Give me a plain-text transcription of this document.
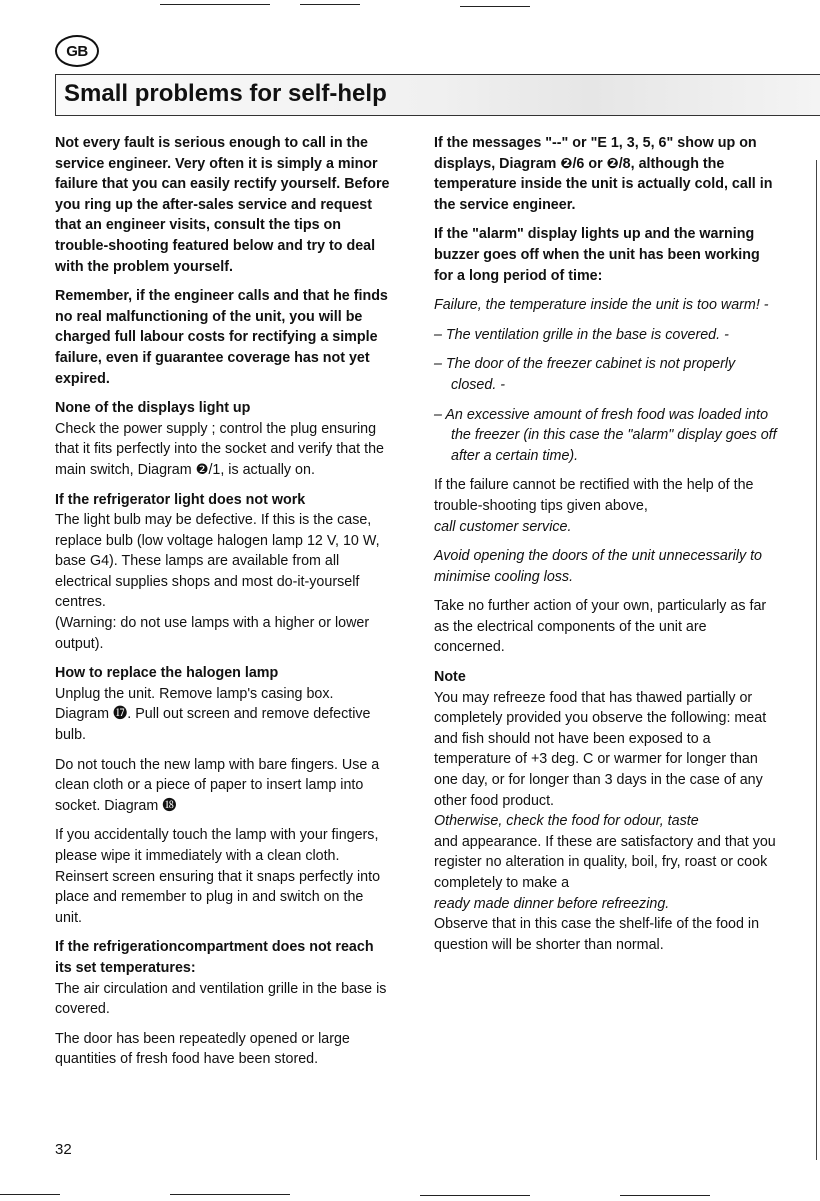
GB
Small problems for self-help

Not every fault is serious enough to call in the service engineer. Very often it is simply a minor failure that you can easily rectify yourself. Before you ring up the after-sales service and request that an engineer visits, consult the tips on trouble-shooting featured below and try to deal with the problem yourself.

Remember, if the engineer calls and that he finds no real malfunctioning of the unit, you will be charged full labour costs for rectifying a simple failure, even if guarantee coverage has not yet expired.

None of the displays light up
Check the power supply ; control the plug ensuring that it fits perfectly into the socket and verify that the main switch, Diagram ❷/1, is actually on.
If the refrigerator light does not work
The light bulb may be defective. If this is the case, replace bulb (low voltage halogen lamp 12 V, 10 W, base G4). These lamps are available from all electrical supplies shops and most do-it-yourself centres.
(Warning: do not use lamps with a higher or lower output).
How to replace the halogen lamp
Unplug the unit. Remove lamp's casing box. Diagram ⓱. Pull out screen and remove defective bulb.

Do not touch the new lamp with bare fingers. Use a clean cloth or a piece of paper to insert lamp into socket. Diagram ⓲

If you accidentally touch the lamp with your fingers, please wipe it immediately with a clean cloth. Reinsert screen ensuring that it snaps perfectly into place and remember to plug in and switch on the unit.

If the refrigerationcompartment does not reach its set temperatures:
The air circulation and ventilation grille in the base is covered.

The door has been repeatedly opened or large quantities of fresh food have been stored.

If the messages "--" or "E 1, 3, 5, 6" show up on displays, Diagram ❷/6 or ❷/8, although the temperature inside the unit is actually cold, call in the service engineer.

If the "alarm" display lights up and the warning buzzer goes off when the unit has been working for a long period of time:

Failure, the temperature inside the unit is too warm! -

– The ventilation grille in the base is covered. -
– The door of the freezer cabinet is not properly closed. -
– An excessive amount of fresh food was loaded into the freezer (in this case the "alarm" display goes off after a certain time).
If the failure cannot be rectified with the help of the trouble-shooting tips given above,

call customer service.

Avoid opening the doors of the unit unnecessarily to minimise cooling loss.

Take no further action of your own, particularly as far as the electrical components of the unit are concerned.

Note
You may refreeze food that has thawed partially or completely provided you observe the following: meat and fish should not have been exposed to a temperature of +3 deg. C or warmer for longer than one day, or for longer than 3 days in the case of any other food product.
Otherwise, check the food for odour, taste
and appearance. If these are satisfactory and that you register no alteration in quality, boil, fry, roast or cook completely to make a
ready made dinner before refreezing.
Observe that in this case the shelf-life of the food in question will be shorter than normal.
32
